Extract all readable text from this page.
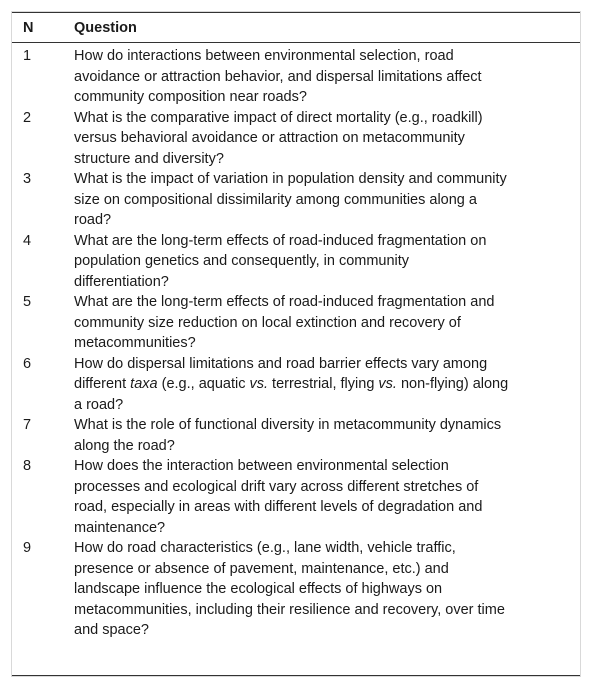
N	Question
1	How do interactions between environmental selection, road
avoidance or attraction behavior, and dispersal limitations affect
community composition near roads?
2	What is the comparative impact of direct mortality (e.g., roadkill)
versus behavioral avoidance or attraction on metacommunity
structure and diversity?
3	What is the impact of variation in population density and community
size on compositional dissimilarity among communities along a
road?
4	What are the long-term effects of road-induced fragmentation on
population genetics and consequently, in community
differentiation?
5	What are the long-term effects of road-induced fragmentation and
community size reduction on local extinction and recovery of
metacommunities?
6	How do dispersal limitations and road barrier effects vary among
different taxa (e.g., aquatic vs. terrestrial, flying vs. non-flying) along
a road?
7	What is the role of functional diversity in metacommunity dynamics
along the road?
8	How does the interaction between environmental selection
processes and ecological drift vary across different stretches of
road, especially in areas with different levels of degradation and
maintenance?
9	How do road characteristics (e.g., lane width, vehicle traffic,
presence or absence of pavement, maintenance, etc.) and
landscape influence the ecological effects of highways on
metacommunities, including their resilience and recovery, over time
and space?
